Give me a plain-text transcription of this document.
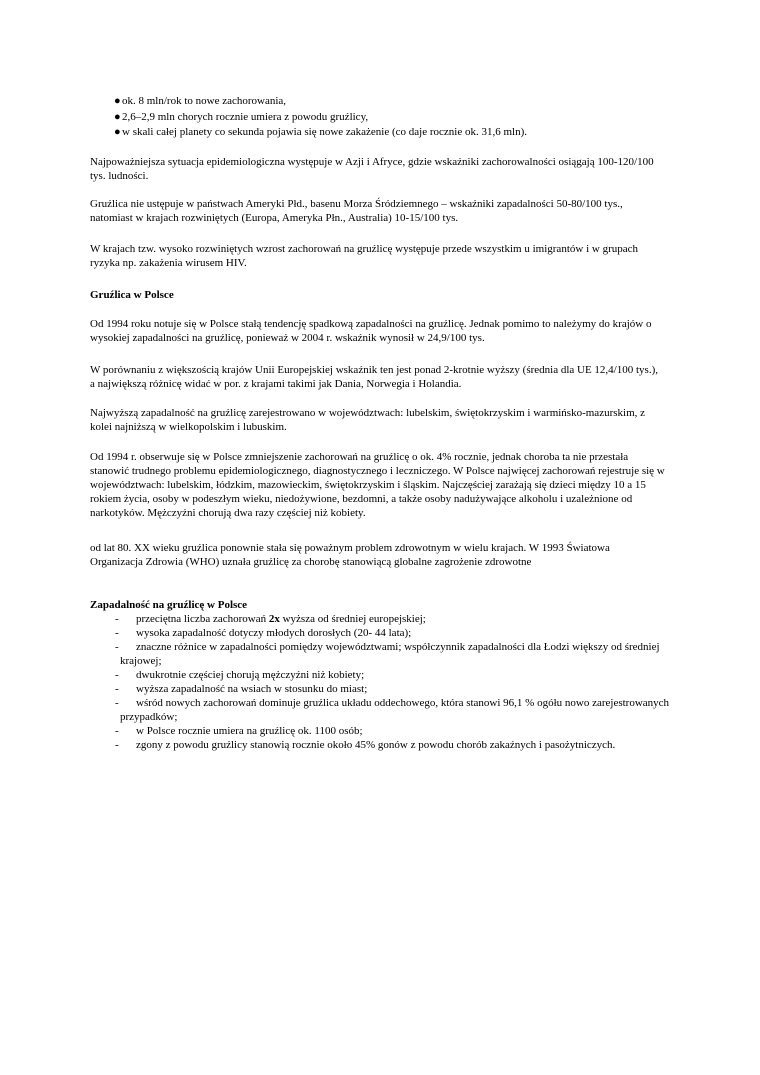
● ok. 8 mln/rok to nowe zachorowania,
● 2,6–2,9 mln chorych rocznie umiera z powodu gruźlicy,
● w skali całej planety co sekunda pojawia się nowe zakażenie (co daje rocznie ok. 31,6 mln).

Najpoważniejsza sytuacja epidemiologiczna występuje w Azji i Afryce, gdzie wskaźniki zachorowalności osiągają 100-120/100 tys. ludności.

Gruźlica nie ustępuje w państwach Ameryki Płd., basenu Morza Śródziemnego – wskaźniki zapadalności 50-80/100 tys., natomiast w krajach rozwiniętych (Europa, Ameryka Płn., Australia) 10-15/100 tys.

W krajach tzw. wysoko rozwiniętych wzrost zachorowań na gruźlicę występuje przede wszystkim u imigrantów i w grupach ryzyka np. zakażenia wirusem HIV.

Gruźlica w Polsce

Od 1994 roku notuje się w Polsce stałą tendencję spadkową zapadalności na gruźlicę. Jednak pomimo to należymy do krajów o wysokiej zapadalności na gruźlicę, ponieważ w 2004 r. wskaźnik wynosił w 24,9/100 tys.

W porównaniu z większością krajów Unii Europejskiej wskaźnik ten jest ponad 2-krotnie wyższy (średnia dla UE 12,4/100 tys.), a największą różnicę widać w por. z krajami takimi jak Dania, Norwegia i Holandia.

Najwyższą zapadalność na gruźlicę zarejestrowano w województwach: lubelskim, świętokrzyskim i warmińsko-mazurskim, z kolei najniższą w wielkopolskim i lubuskim.

Od 1994 r. obserwuje się w Polsce zmniejszenie zachorowań na gruźlicę o ok. 4% rocznie, jednak choroba ta nie przestała stanowić trudnego problemu epidemiologicznego, diagnostycznego i leczniczego. W Polsce najwięcej zachorowań rejestruje się w województwach: lubelskim, łódzkim, mazowieckim, świętokrzyskim i śląskim. Najczęściej zarażają się dzieci między 10 a 15 rokiem życia, osoby w podeszłym wieku, niedożywione, bezdomni, a także osoby nadużywające alkoholu i uzależnione od narkotyków. Mężczyźni chorują dwa razy częściej niż kobiety.

od lat 80. XX wieku gruźlica ponownie stała się poważnym problem zdrowotnym w wielu krajach. W 1993 Światowa Organizacja Zdrowia (WHO) uznała gruźlicę za chorobę stanowiącą globalne zagrożenie zdrowotne

Zapadalność na gruźlicę w Polsce

-	przeciętna liczba zachorowań 2x wyższa od średniej europejskiej;
-	wysoka zapadalność dotyczy młodych dorosłych (20- 44 lata);
-	znaczne różnice w zapadalności pomiędzy województwami; współczynnik zapadalności dla Łodzi większy od średniej krajowej;
-	dwukrotnie częściej chorują mężczyźni niż kobiety;
-	wyższa zapadalność na wsiach w stosunku do miast;
-	wśród nowych zachorowań dominuje gruźlica układu oddechowego, która stanowi 96,1 % ogółu nowo zarejestrowanych przypadków;
-	w Polsce rocznie umiera na gruźlicę ok. 1100 osób;
-	zgony z powodu gruźlicy stanowią rocznie około 45% gonów z powodu chorób zakaźnych i pasożytniczych.
